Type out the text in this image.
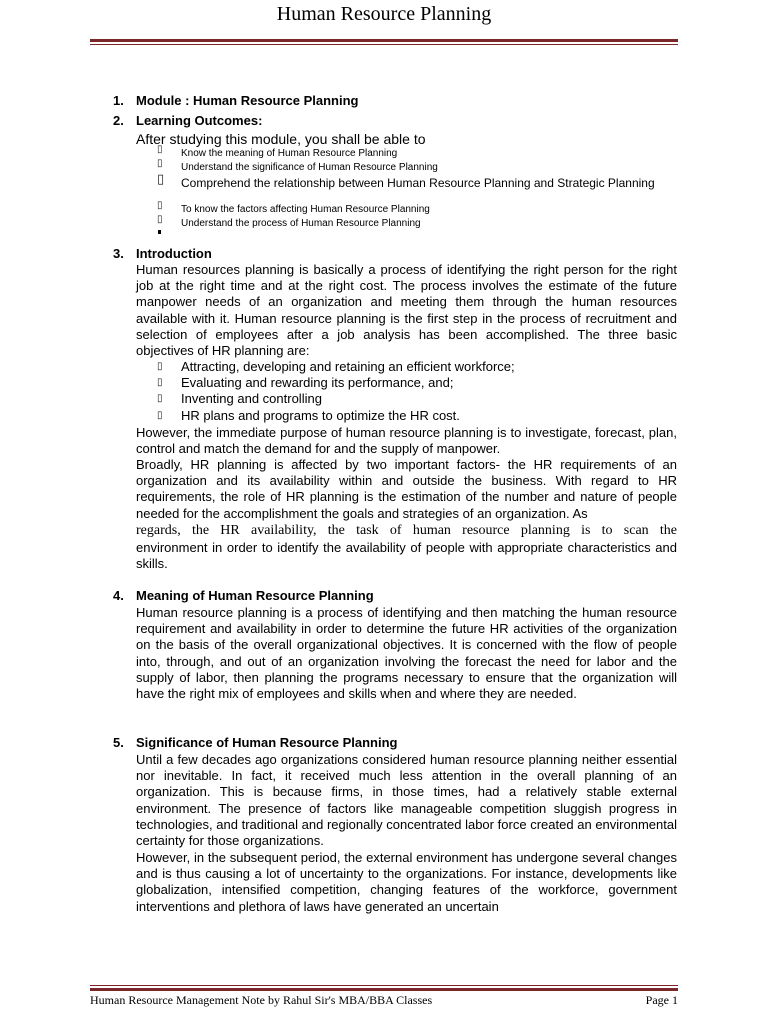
Human Resource Planning
1. Module : Human Resource Planning
2. Learning Outcomes:
After studying this module, you shall be able to
▯ Know the meaning of Human Resource Planning
▯ Understand the significance of Human Resource Planning
▯ Comprehend the relationship between Human Resource Planning and Strategic Planning
▯ To know the factors affecting Human Resource Planning
▯ Understand the process of Human Resource Planning
3. Introduction

Human resources planning is basically a process of identifying the right person for the right job at the right time and at the right cost. The process involves the estimate of the future manpower needs of an organization and meeting them through the human resources available with it. Human resource planning is the first step in the process of recruitment and selection of employees after a job analysis has been accomplished. The three basic objectives of HR planning are:

▯ Attracting, developing and retaining an efficient workforce;
▯ Evaluating and rewarding its performance, and;
▯ Inventing and controlling
▯ HR plans and programs to optimize the HR cost.

However, the immediate purpose of human resource planning is to investigate, forecast, plan, control and match the demand for and the supply of manpower.

Broadly, HR planning is affected by two important factors- the HR requirements of an organization and its availability within and outside the business. With regard to HR requirements, the role of HR planning is the estimation of the number and nature of people needed for the accomplishment the goals and strategies of an organization. As

regards, the HR availability, the task of human resource planning is to scan the

environment in order to identify the availability of people with appropriate characteristics and skills.

4. Meaning of Human Resource Planning

Human resource planning is a process of identifying and then matching the human resource requirement and availability in order to determine the future HR activities of the organization on the basis of the overall organizational objectives. It is concerned with the flow of people into, through, and out of an organization involving the forecast the need for labor and the supply of labor, then planning the programs necessary to ensure that the organization will have the right mix of employees and skills when and where they are needed.

5. Significance of Human Resource Planning

Until a few decades ago organizations considered human resource planning neither essential nor inevitable. In fact, it received much less attention in the overall planning of an organization. This is because firms, in those times, had a relatively stable external environment. The presence of factors like manageable competition sluggish progress in technologies, and traditional and regionally concentrated labor force created an environmental certainty for those organizations.

However, in the subsequent period, the external environment has undergone several changes and is thus causing a lot of uncertainty to the organizations. For instance, developments like globalization, intensified competition, changing features of the workforce, government interventions and plethora of laws have generated an uncertain

Human Resource Management Note by Rahul Sir's MBA/BBA Classes	Page 1
